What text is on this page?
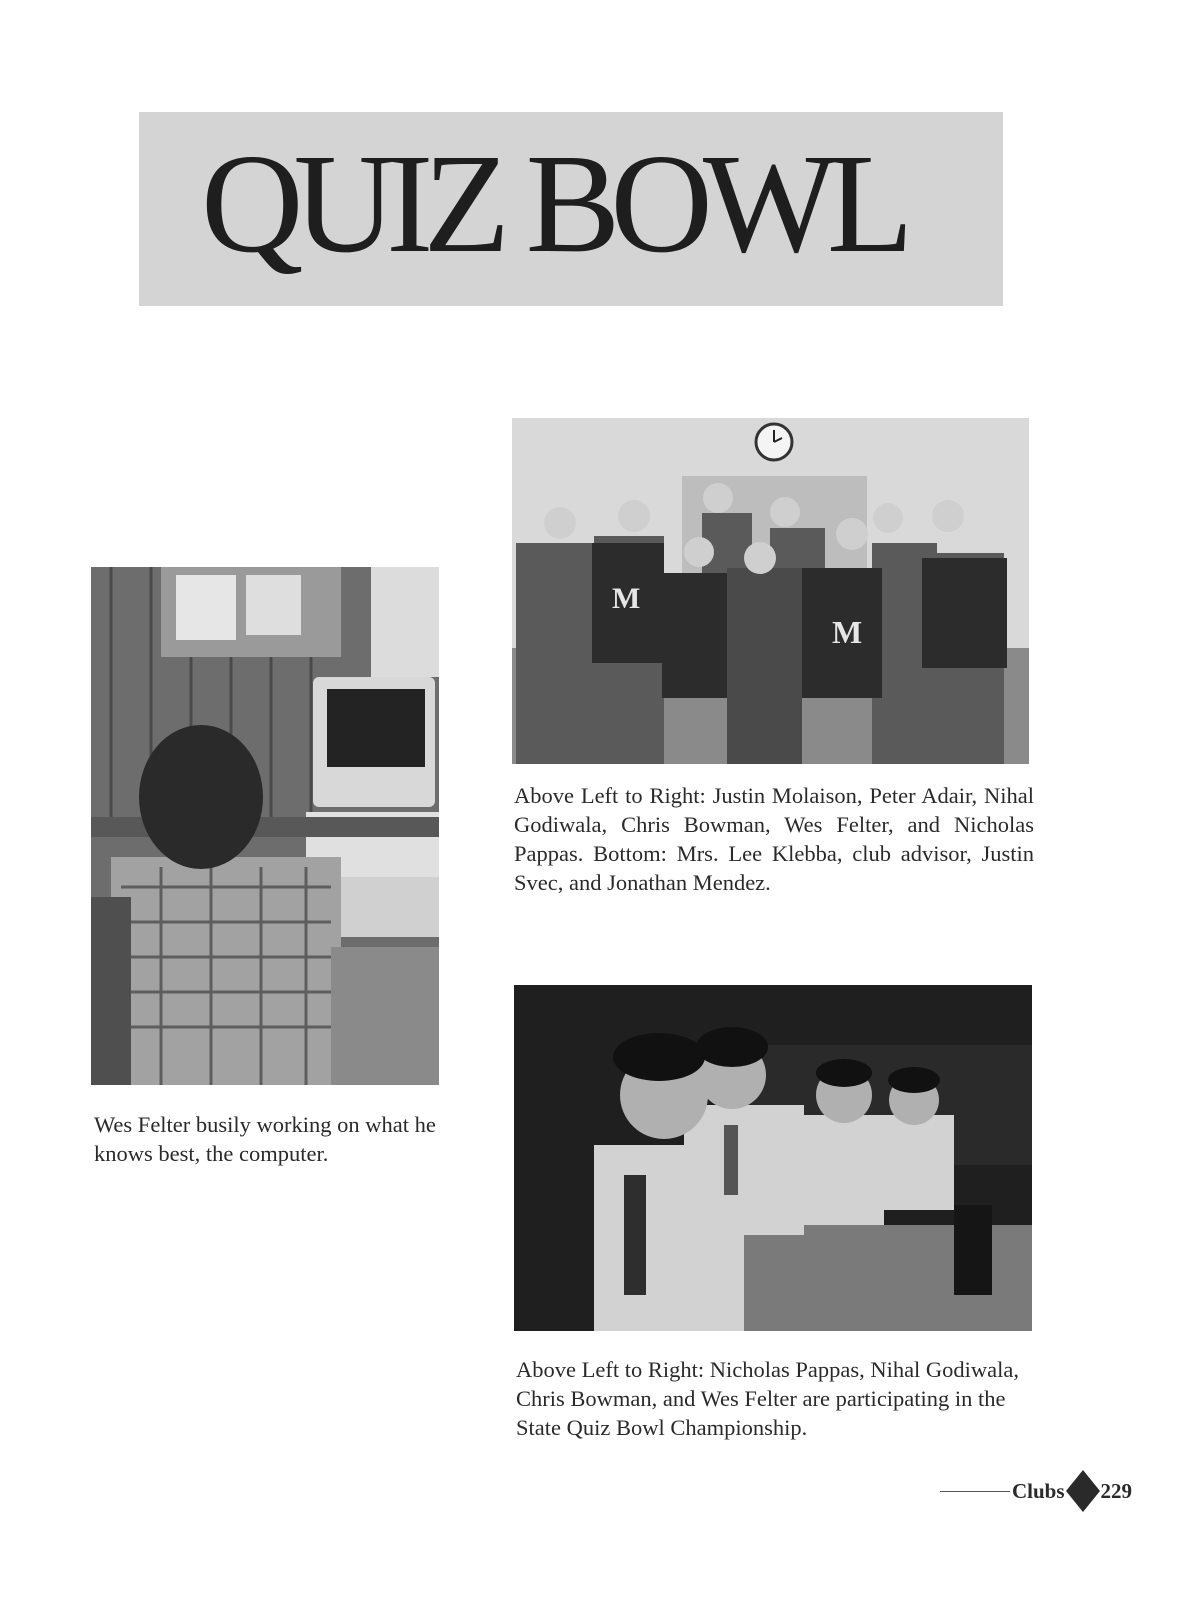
QUIZ BOWL
M
M

Above Left to Right: Justin Molaison, Peter Adair, Nihal Godiwala, Chris Bowman, Wes Felter, and Nicholas Pappas. Bottom: Mrs. Lee Klebba, club advisor, Justin Svec, and Jonathan Mendez.

Wes Felter busily working on what he knows best, the computer.

Above Left to Right: Nicholas Pappas, Nihal Godiwala, Chris Bowman, and Wes Felter are participating in the State Quiz Bowl Championship.

Clubs 229
